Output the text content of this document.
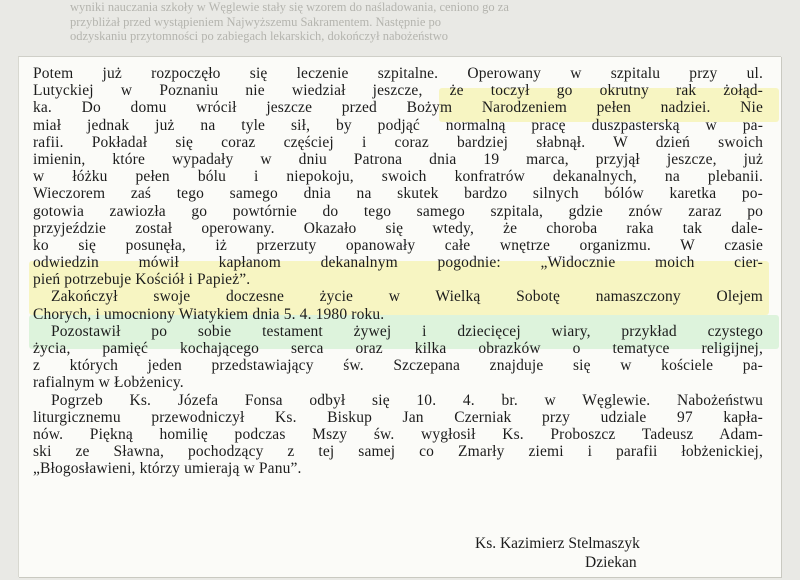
wyniki nauczania szkoły w Węglewie stały się wzorem do naśladowania, ceniono go za
przybliżał przed wystąpieniem Najwyższemu Sakramentem. Następnie po
odzyskaniu przytomności po zabiegach lekarskich, dokończył nabożeństwo
Potem już rozpoczęło się leczenie szpitalne. Operowany w szpitalu przy ul.
Lutyckiej w Poznaniu nie wiedział jeszcze, że toczył go okrutny rak żołąd-
ka. Do domu wrócił jeszcze przed Bożym Narodzeniem pełen nadziei. Nie
miał jednak już na tyle sił, by podjąć normalną pracę duszpasterską w pa-
rafii. Pokładał się coraz częściej i coraz bardziej słabnął. W dzień swoich
imienin, które wypadały w dniu Patrona dnia 19 marca, przyjął jeszcze, już
w łóżku pełen bólu i niepokoju, swoich konfratrów dekanalnych, na plebanii.
Wieczorem zaś tego samego dnia na skutek bardzo silnych bólów karetka po-
gotowia zawiozła go powtórnie do tego samego szpitala, gdzie znów zaraz po
przyjeździe został operowany. Okazało się wtedy, że choroba raka tak dale-
ko się posunęła, iż przerzuty opanowały całe wnętrze organizmu. W czasie
odwiedzin mówił kapłanom dekanalnym pogodnie: „Widocznie moich cier-
pień potrzebuje Kościół i Papież”.
Zakończył swoje doczesne życie w Wielką Sobotę namaszczony Olejem
Chorych, i umocniony Wiatykiem dnia 5. 4. 1980 roku.
Pozostawił po sobie testament żywej i dziecięcej wiary, przykład czystego
życia, pamięć kochającego serca oraz kilka obrazków o tematyce religijnej,
z których jeden przedstawiający św. Szczepana znajduje się w kościele pa-
rafialnym w Łobżenicy.
Pogrzeb Ks. Józefa Fonsa odbył się 10. 4. br. w Węglewie. Nabożeństwu
liturgicznemu przewodniczył Ks. Biskup Jan Czerniak przy udziale 97 kapła-
nów. Piękną homilię podczas Mszy św. wygłosił Ks. Proboszcz Tadeusz Adam-
ski ze Sławna, pochodzący z tej samej co Zmarły ziemi i parafii łobżenickiej,
„Błogosławieni, którzy umierają w Panu”.
Ks. Kazimierz Stelmaszyk
Dziekan
